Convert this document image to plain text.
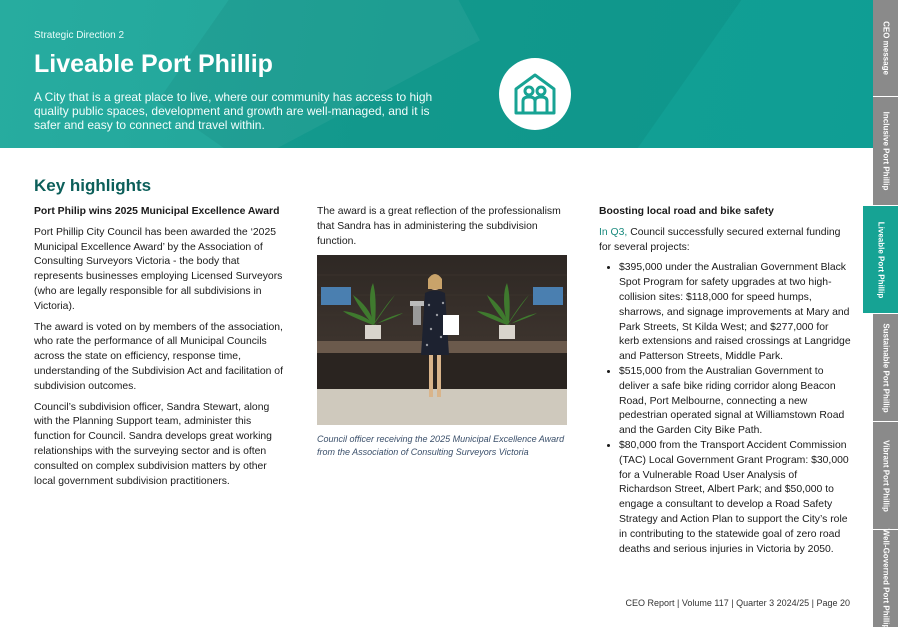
Strategic Direction 2
Liveable Port Phillip
A City that is a great place to live, where our community has access to high quality public spaces, development and growth are well-managed, and it is safer and easy to connect and travel within.
CEO message
Inclusive Port Phillip
Liveable Port Phillip
Sustainable Port Phillip
Vibrant Port Phillip
Well-Governed Port Phillip
Key highlights
Port Philip wins 2025 Municipal Excellence Award

Port Phillip City Council has been awarded the ‘2025 Municipal Excellence Award’ by the Association of Consulting Surveyors Victoria - the body that represents businesses employing Licensed Surveyors (who are legally responsible for all subdivisions in Victoria).

The award is voted on by members of the association, who rate the performance of all Municipal Councils across the state on efficiency, response time, understanding of the Subdivision Act and facilitation of subdivision outcomes.

Council’s subdivision officer, Sandra Stewart, along with the Planning Support team, administer this function for Council. Sandra develops great working relationships with the surveying sector and is often consulted on complex subdivision matters by other local government subdivision practitioners.

The award is a great reflection of the professionalism that Sandra has in administering the subdivision function.

Council officer receiving the 2025 Municipal Excellence Award from the Association of Consulting Surveyors Victoria
Boosting local road and bike safety

In Q3, Council successfully secured external funding for several projects:

• $395,000 under the Australian Government Black Spot Program for safety upgrades at two high-collision sites: $118,000 for speed humps, sharrows, and signage improvements at Mary and Park Streets, St Kilda West; and $277,000 for kerb extensions and raised crossings at Langridge and Patterson Streets, Middle Park.
• $515,000 from the Australian Government to deliver a safe bike riding corridor along Beacon Road, Port Melbourne, connecting a new pedestrian operated signal at Williamstown Road and the Garden City Bike Path.
• $80,000 from the Transport Accident Commission (TAC) Local Government Grant Program: $30,000 for a Vulnerable Road User Analysis of Richardson Street, Albert Park; and $50,000 to engage a consultant to develop a Road Safety Strategy and Action Plan to support the City’s role in contributing to the statewide goal of zero road deaths and serious injuries in Victoria by 2050.
CEO Report | Volume 117 | Quarter 3 2024/25 | Page 20
